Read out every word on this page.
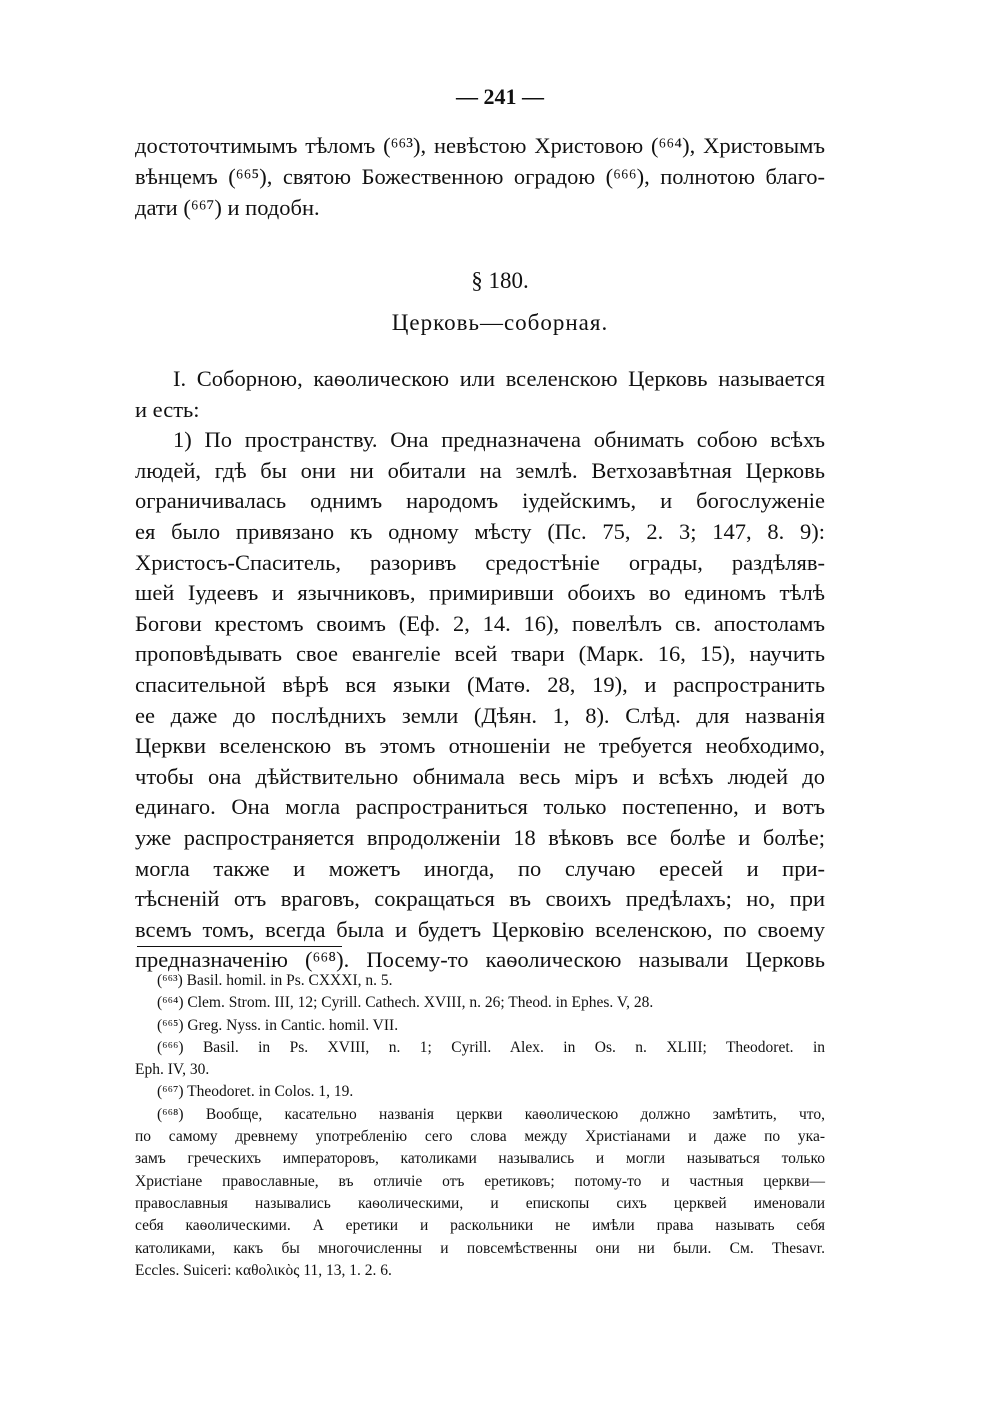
— 241 —
достоточтимымъ тѣломъ (⁶⁶³), невѣстою Христовою (⁶⁶⁴), Христовымъ
вѣнцемъ (⁶⁶⁵), святою Божественною оградою (⁶⁶⁶), полнотою благо-
дати (⁶⁶⁷) и подобн.
§ 180.
Церковь—соборная.
I. Соборною, каѳолическою или вселенскою Церковь называется
и есть:
1) По пространству. Она предназначена обнимать собою всѣхъ
людей, гдѣ бы они ни обитали на землѣ. Ветхозавѣтная Церковь
ограничивалась однимъ народомъ іудейскимъ, и богослуженіе
ея было привязано къ одному мѣсту (Пс. 75, 2. 3; 147, 8. 9):
Христосъ-Спаситель, разоривъ средостѣніе ограды, раздѣляв-
шей Іудеевъ и язычниковъ, примиривши обоихъ во единомъ тѣлѣ
Богови крестомъ своимъ (Еф. 2, 14. 16), повелѣлъ св. апостоламъ
проповѣдывать свое евангеліе всей твари (Марк. 16, 15), научить
спасительной вѣрѣ вся языки (Матѳ. 28, 19), и распространить
ее даже до послѣднихъ земли (Дѣян. 1, 8). Слѣд. для названія
Церкви вселенскою въ этомъ отношеніи не требуется необходимо,
чтобы она дѣйствительно обнимала весь міръ и всѣхъ людей до
единаго. Она могла распространиться только постепенно, и вотъ
уже распространяется впродолженіи 18 вѣковъ все болѣе и болѣе;
могла также и можетъ иногда, по случаю ересей и при-
тѣсненій отъ враговъ, сокращаться въ своихъ предѣлахъ; но, при
всемъ томъ, всегда была и будетъ Церковію вселенскою, по своему
предназначенію (⁶⁶⁸). Посему-то каѳолическою называли Церковь
(⁶⁶³) Basil. homil. in Ps. CXXXI, n. 5.
(⁶⁶⁴) Clem. Strom. III, 12; Cyrill. Cathech. XVIII, n. 26; Theod. in Ephes. V, 28.
(⁶⁶⁵) Greg. Nyss. in Cantic. homil. VII.
(⁶⁶⁶) Basil. in Ps. XVIII, n. 1; Cyrill. Alex. in Os. n. XLIII; Theodoret. in
Eph. IV, 30.
(⁶⁶⁷) Theodoret. in Colos. 1, 19.
(⁶⁶⁸) Вообще, касательно названія церкви каѳолическою должно замѣтить, что,
по самому древнему употребленію сего слова между Христіанами и даже по ука-
замъ греческихъ императоровъ, католиками назывались и могли называться только
Христіане православные, въ отличіе отъ еретиковъ; потому-то и частныя церкви—
православныя назывались каѳолическими, и епископы сихъ церквей именовали
себя каѳолическими. А еретики и раскольники не имѣли права называть себя
католиками, какъ бы многочисленны и повсемѣственны они ни были. См. Thesavr.
Eccles. Suiceri: καθολικὸς 11, 13, 1. 2. 6.
